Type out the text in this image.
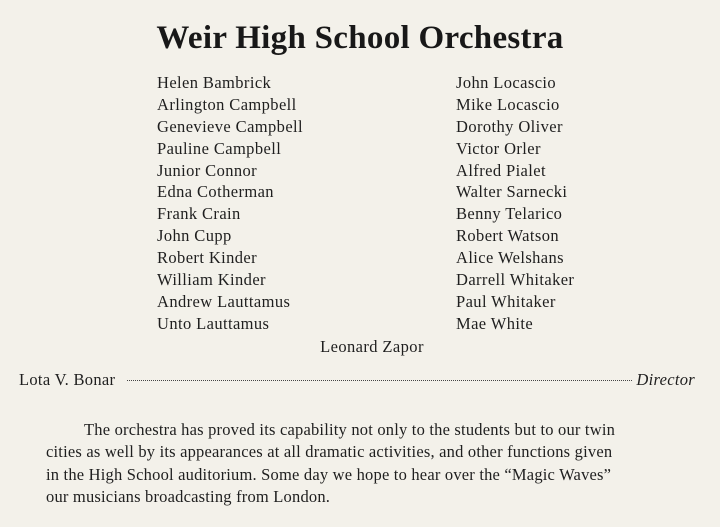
Weir High School Orchestra
Helen Bambrick
Arlington Campbell
Genevieve Campbell
Pauline Campbell
Junior Connor
Edna Cotherman
Frank Crain
John Cupp
Robert Kinder
William Kinder
Andrew Lauttamus
Unto Lauttamus
John Locascio
Mike Locascio
Dorothy Oliver
Victor Orler
Alfred Pialet
Walter Sarnecki
Benny Telarico
Robert Watson
Alice Welshans
Darrell Whitaker
Paul Whitaker
Mae White
Leonard Zapor
Lota V. Bonar	Director

The orchestra has proved its capability not only to the students but to our twin
cities as well by its appearances at all dramatic activities, and other functions given
in the High School auditorium. Some day we hope to hear over the “Magic Waves”
our musicians broadcasting from London.
